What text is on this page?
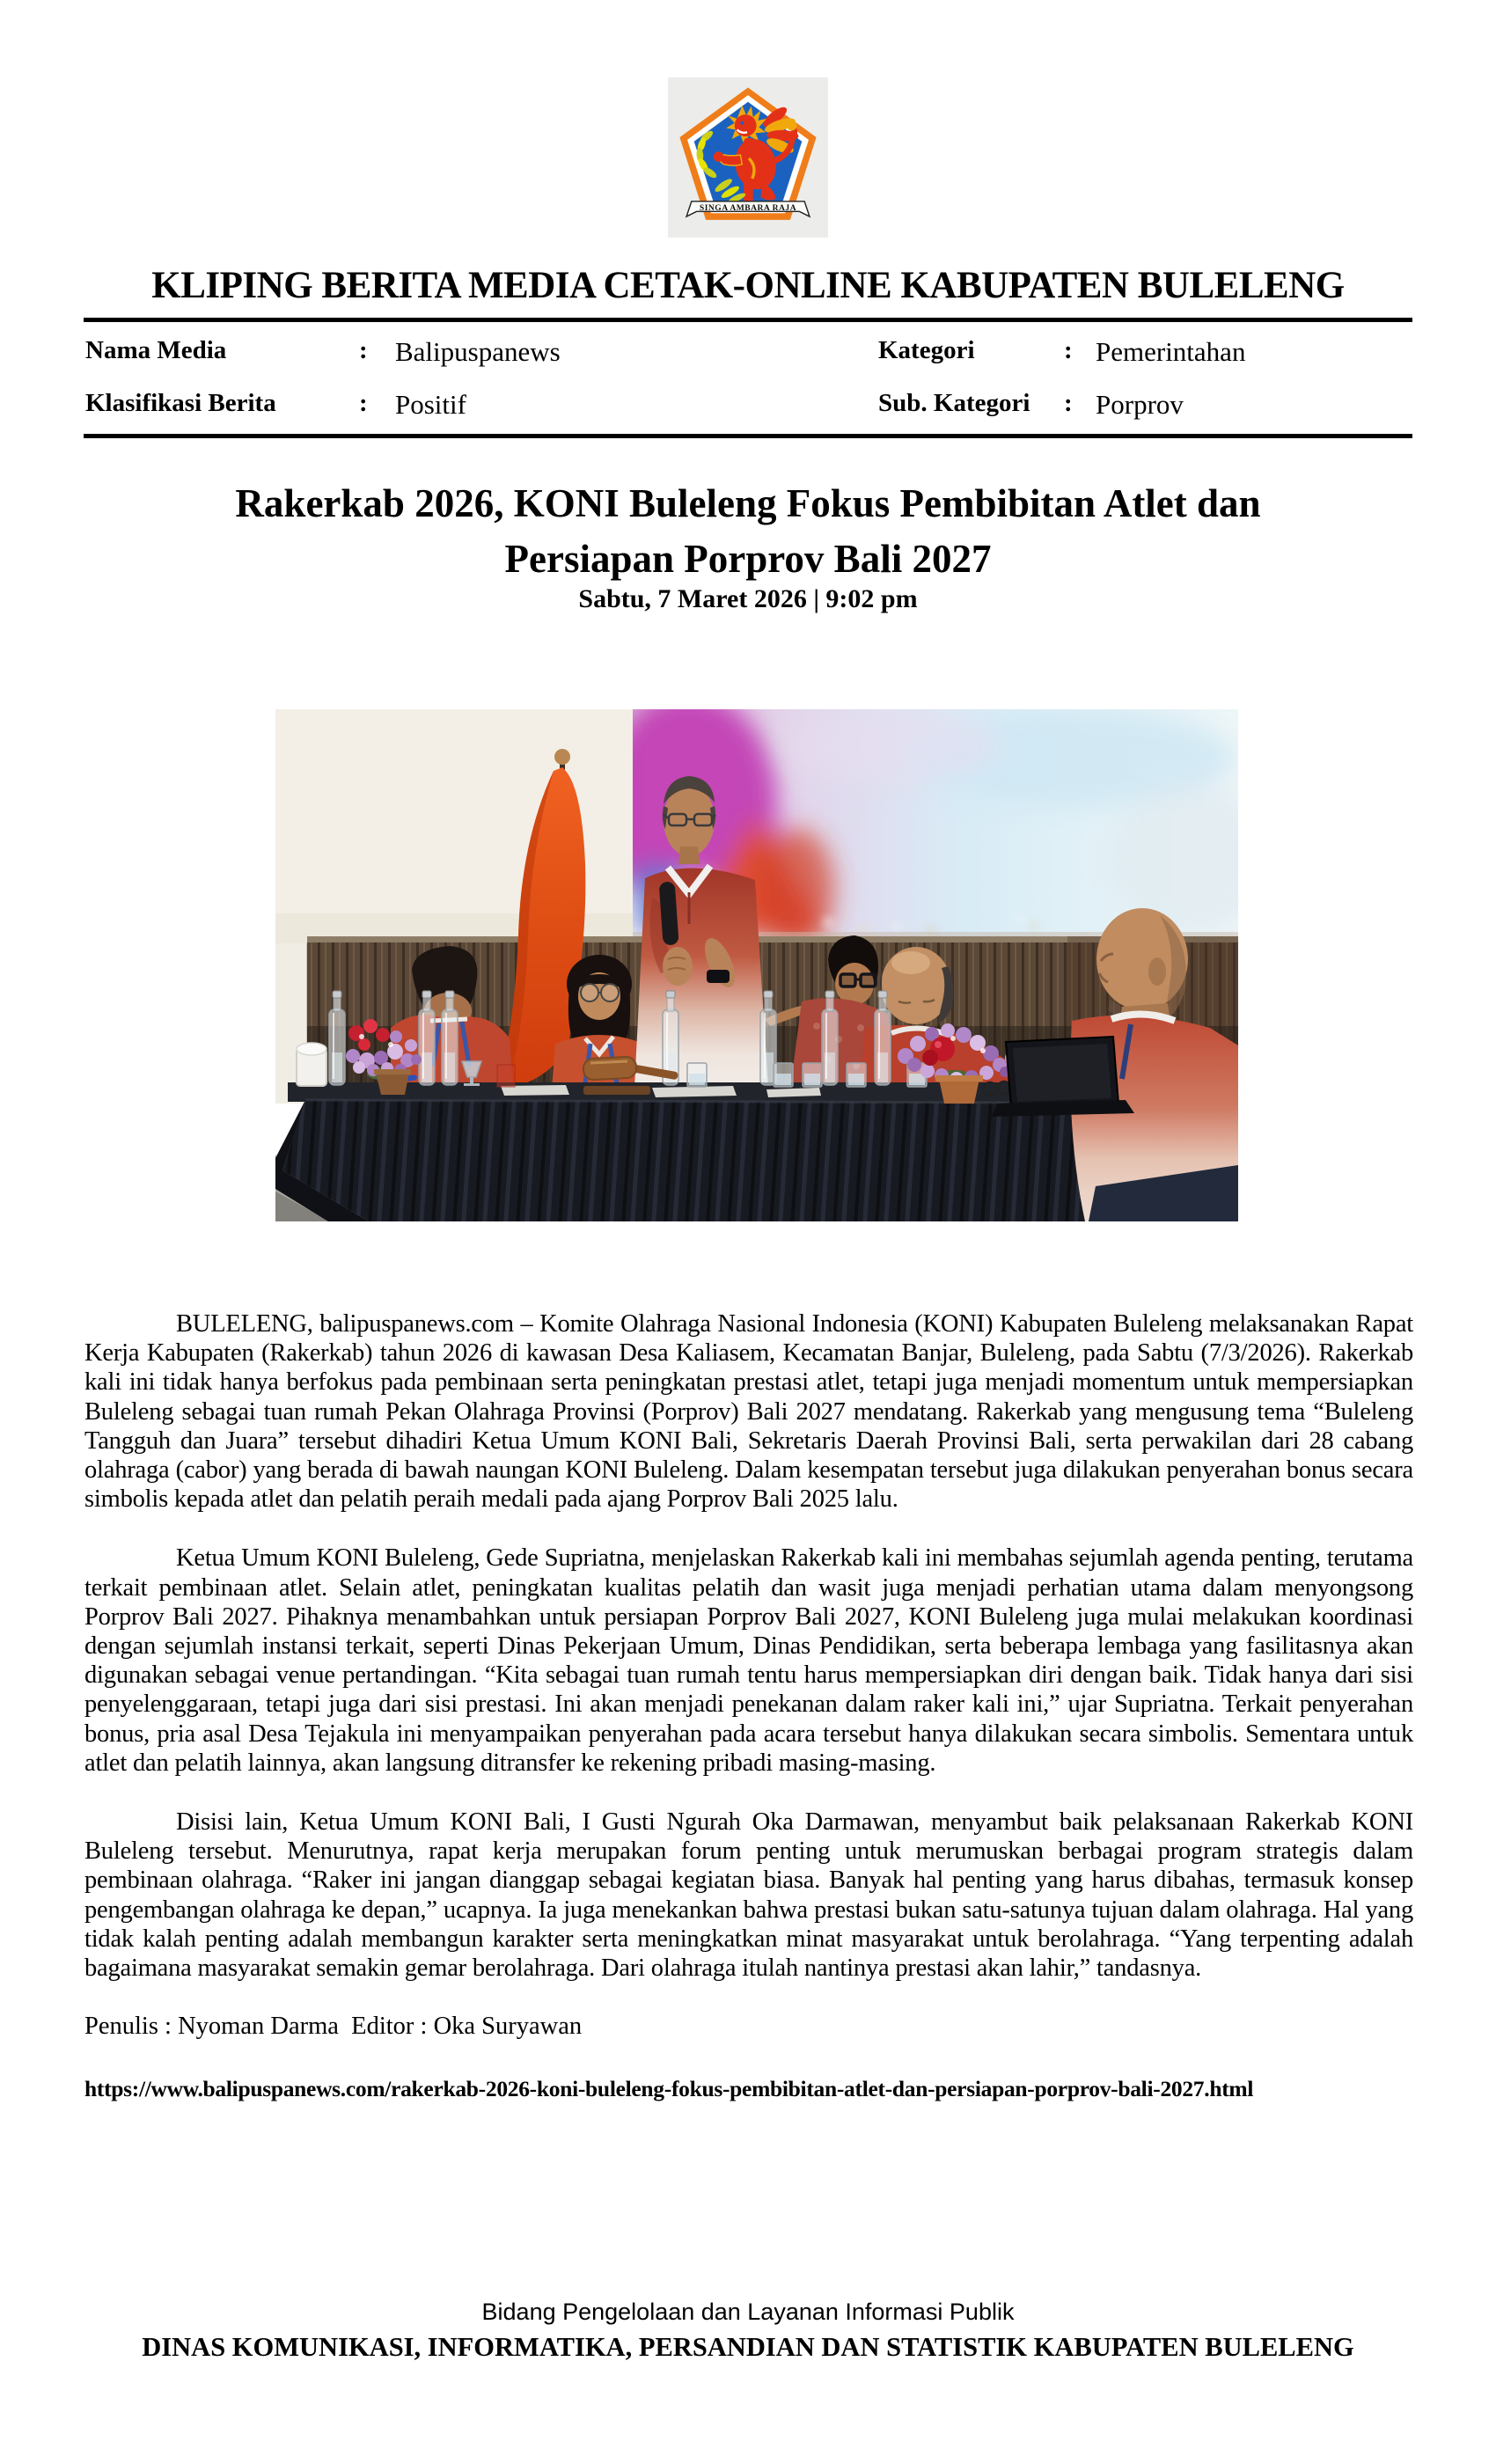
SINGA AMBARA RAJA
KLIPING BERITA MEDIA CETAK-ONLINE KABUPATEN BULELENG
Nama Media	: Balipuspanews	Kategori	: Pemerintahan
Klasifikasi Berita	: Positif	Sub. Kategori : Porprov
Rakerkab 2026, KONI Buleleng Fokus Pembibitan Atlet dan
Persiapan Porprov Bali 2027
Sabtu, 7 Maret 2026 | 9:02 pm

BULELENG, balipuspanews.com – Komite Olahraga Nasional Indonesia (KONI) Kabupaten Buleleng melaksanakan Rapat Kerja Kabupaten (Rakerkab) tahun 2026 di kawasan Desa Kaliasem, Kecamatan Banjar, Buleleng, pada Sabtu (7/3/2026). Rakerkab kali ini tidak hanya berfokus pada pembinaan serta peningkatan prestasi atlet, tetapi juga menjadi momentum untuk mempersiapkan Buleleng sebagai tuan rumah Pekan Olahraga Provinsi (Porprov) Bali 2027 mendatang. Rakerkab yang mengusung tema “Buleleng Tangguh dan Juara” tersebut dihadiri Ketua Umum KONI Bali, Sekretaris Daerah Provinsi Bali, serta perwakilan dari 28 cabang olahraga (cabor) yang berada di bawah naungan KONI Buleleng. Dalam kesempatan tersebut juga dilakukan penyerahan bonus secara simbolis kepada atlet dan pelatih peraih medali pada ajang Porprov Bali 2025 lalu.

Ketua Umum KONI Buleleng, Gede Supriatna, menjelaskan Rakerkab kali ini membahas sejumlah agenda penting, terutama terkait pembinaan atlet. Selain atlet, peningkatan kualitas pelatih dan wasit juga menjadi perhatian utama dalam menyongsong Porprov Bali 2027. Pihaknya menambahkan untuk persiapan Porprov Bali 2027, KONI Buleleng juga mulai melakukan koordinasi dengan sejumlah instansi terkait, seperti Dinas Pekerjaan Umum, Dinas Pendidikan, serta beberapa lembaga yang fasilitasnya akan digunakan sebagai venue pertandingan. “Kita sebagai tuan rumah tentu harus mempersiapkan diri dengan baik. Tidak hanya dari sisi penyelenggaraan, tetapi juga dari sisi prestasi. Ini akan menjadi penekanan dalam raker kali ini,” ujar Supriatna. Terkait penyerahan bonus, pria asal Desa Tejakula ini menyampaikan penyerahan pada acara tersebut hanya dilakukan secara simbolis. Sementara untuk atlet dan pelatih lainnya, akan langsung ditransfer ke rekening pribadi masing-masing.

Disisi lain, Ketua Umum KONI Bali, I Gusti Ngurah Oka Darmawan, menyambut baik pelaksanaan Rakerkab KONI Buleleng tersebut. Menurutnya, rapat kerja merupakan forum penting untuk merumuskan berbagai program strategis dalam pembinaan olahraga. “Raker ini jangan dianggap sebagai kegiatan biasa. Banyak hal penting yang harus dibahas, termasuk konsep pengembangan olahraga ke depan,” ucapnya. Ia juga menekankan bahwa prestasi bukan satu-satunya tujuan dalam olahraga. Hal yang tidak kalah penting adalah membangun karakter serta meningkatkan minat masyarakat untuk berolahraga. “Yang terpenting adalah bagaimana masyarakat semakin gemar berolahraga. Dari olahraga itulah nantinya prestasi akan lahir,” tandasnya.

Penulis : Nyoman Darma  Editor : Oka Suryawan
https://www.balipuspanews.com/rakerkab-2026-koni-buleleng-fokus-pembibitan-atlet-dan-persiapan-porprov-bali-2027.html
Bidang Pengelolaan dan Layanan Informasi Publik
DINAS KOMUNIKASI, INFORMATIKA, PERSANDIAN DAN STATISTIK KABUPATEN BULELENG
